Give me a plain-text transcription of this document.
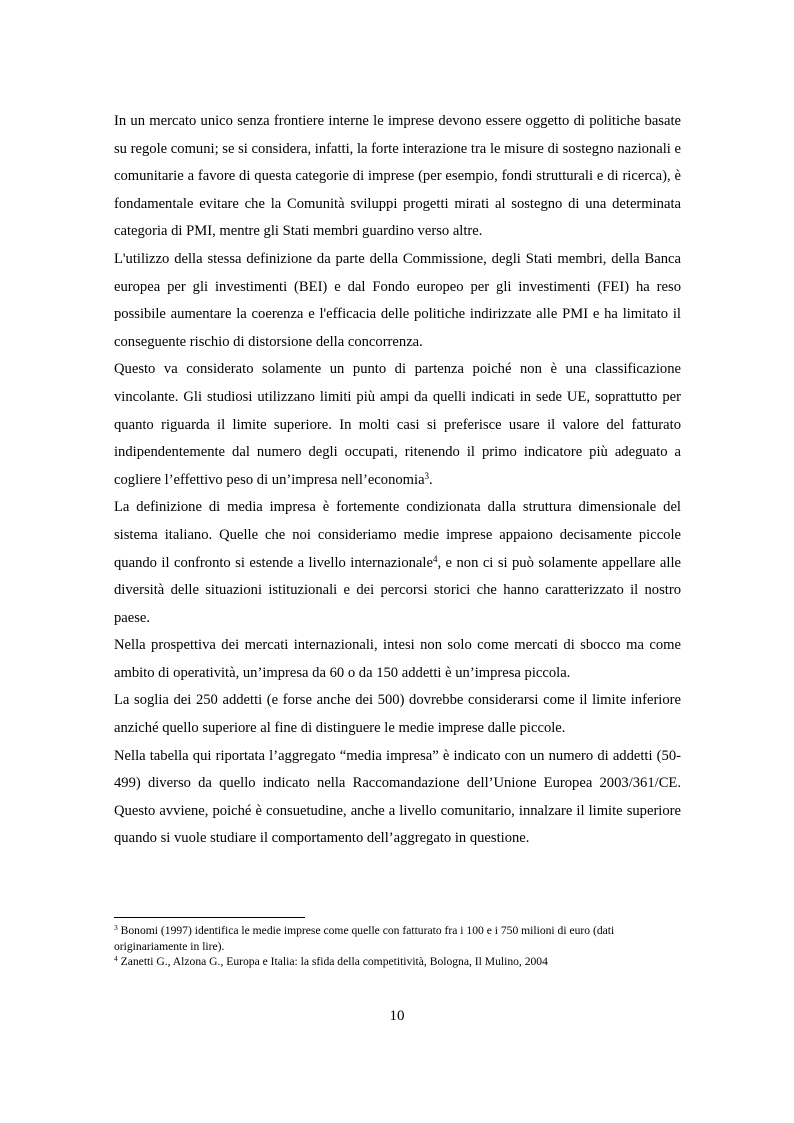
In un mercato unico senza frontiere interne le imprese devono essere oggetto di politiche basate su regole comuni; se si considera, infatti, la forte interazione tra le misure di sostegno nazionali e comunitarie a favore di questa categorie di imprese (per esempio, fondi strutturali e di ricerca), è fondamentale evitare che la Comunità sviluppi progetti mirati al sostegno di una determinata categoria di PMI, mentre gli Stati membri guardino verso altre.

L'utilizzo della stessa definizione da parte della Commissione, degli Stati membri, della Banca europea per gli investimenti (BEI) e dal Fondo europeo per gli investimenti (FEI) ha reso possibile aumentare la coerenza e l'efficacia delle politiche indirizzate alle PMI e ha limitato il conseguente rischio di distorsione della concorrenza.

Questo va considerato solamente un punto di partenza poiché non è una classificazione vincolante. Gli studiosi utilizzano limiti più ampi da quelli indicati in sede UE, soprattutto per quanto riguarda il limite superiore. In molti casi si preferisce usare il valore del fatturato indipendentemente dal numero degli occupati, ritenendo il primo indicatore più adeguato a cogliere l’effettivo peso di un’impresa nell’economia$^3$.

La definizione di media impresa è fortemente condizionata dalla struttura dimensionale del sistema italiano. Quelle che noi consideriamo medie imprese appaiono decisamente piccole quando il confronto si estende a livello internazionale$^4$, e non ci si può solamente appellare alle diversità delle situazioni istituzionali e dei percorsi storici che hanno caratterizzato il nostro paese.

Nella prospettiva dei mercati internazionali, intesi non solo come mercati di sbocco ma come ambito di operatività, un’impresa da 60 o da 150 addetti è un’impresa piccola.

La soglia dei 250 addetti (e forse anche dei 500) dovrebbe considerarsi come il limite inferiore anziché quello superiore al fine di distinguere le medie imprese dalle piccole.

Nella tabella qui riportata l’aggregato “media impresa” è indicato con un numero di addetti (50-499) diverso da quello indicato nella Raccomandazione dell’Unione Europea 2003/361/CE. Questo avviene, poiché è consuetudine, anche a livello comunitario, innalzare il limite superiore quando si vuole studiare il comportamento dell’aggregato in questione.

$^3$ Bonomi (1997) identifica le medie imprese come quelle con fatturato fra i 100 e i 750 milioni di euro (dati originariamente in lire).

$^4$ Zanetti G., Alzona G., Europa e Italia: la sfida della competitività, Bologna, Il Mulino, 2004

10
